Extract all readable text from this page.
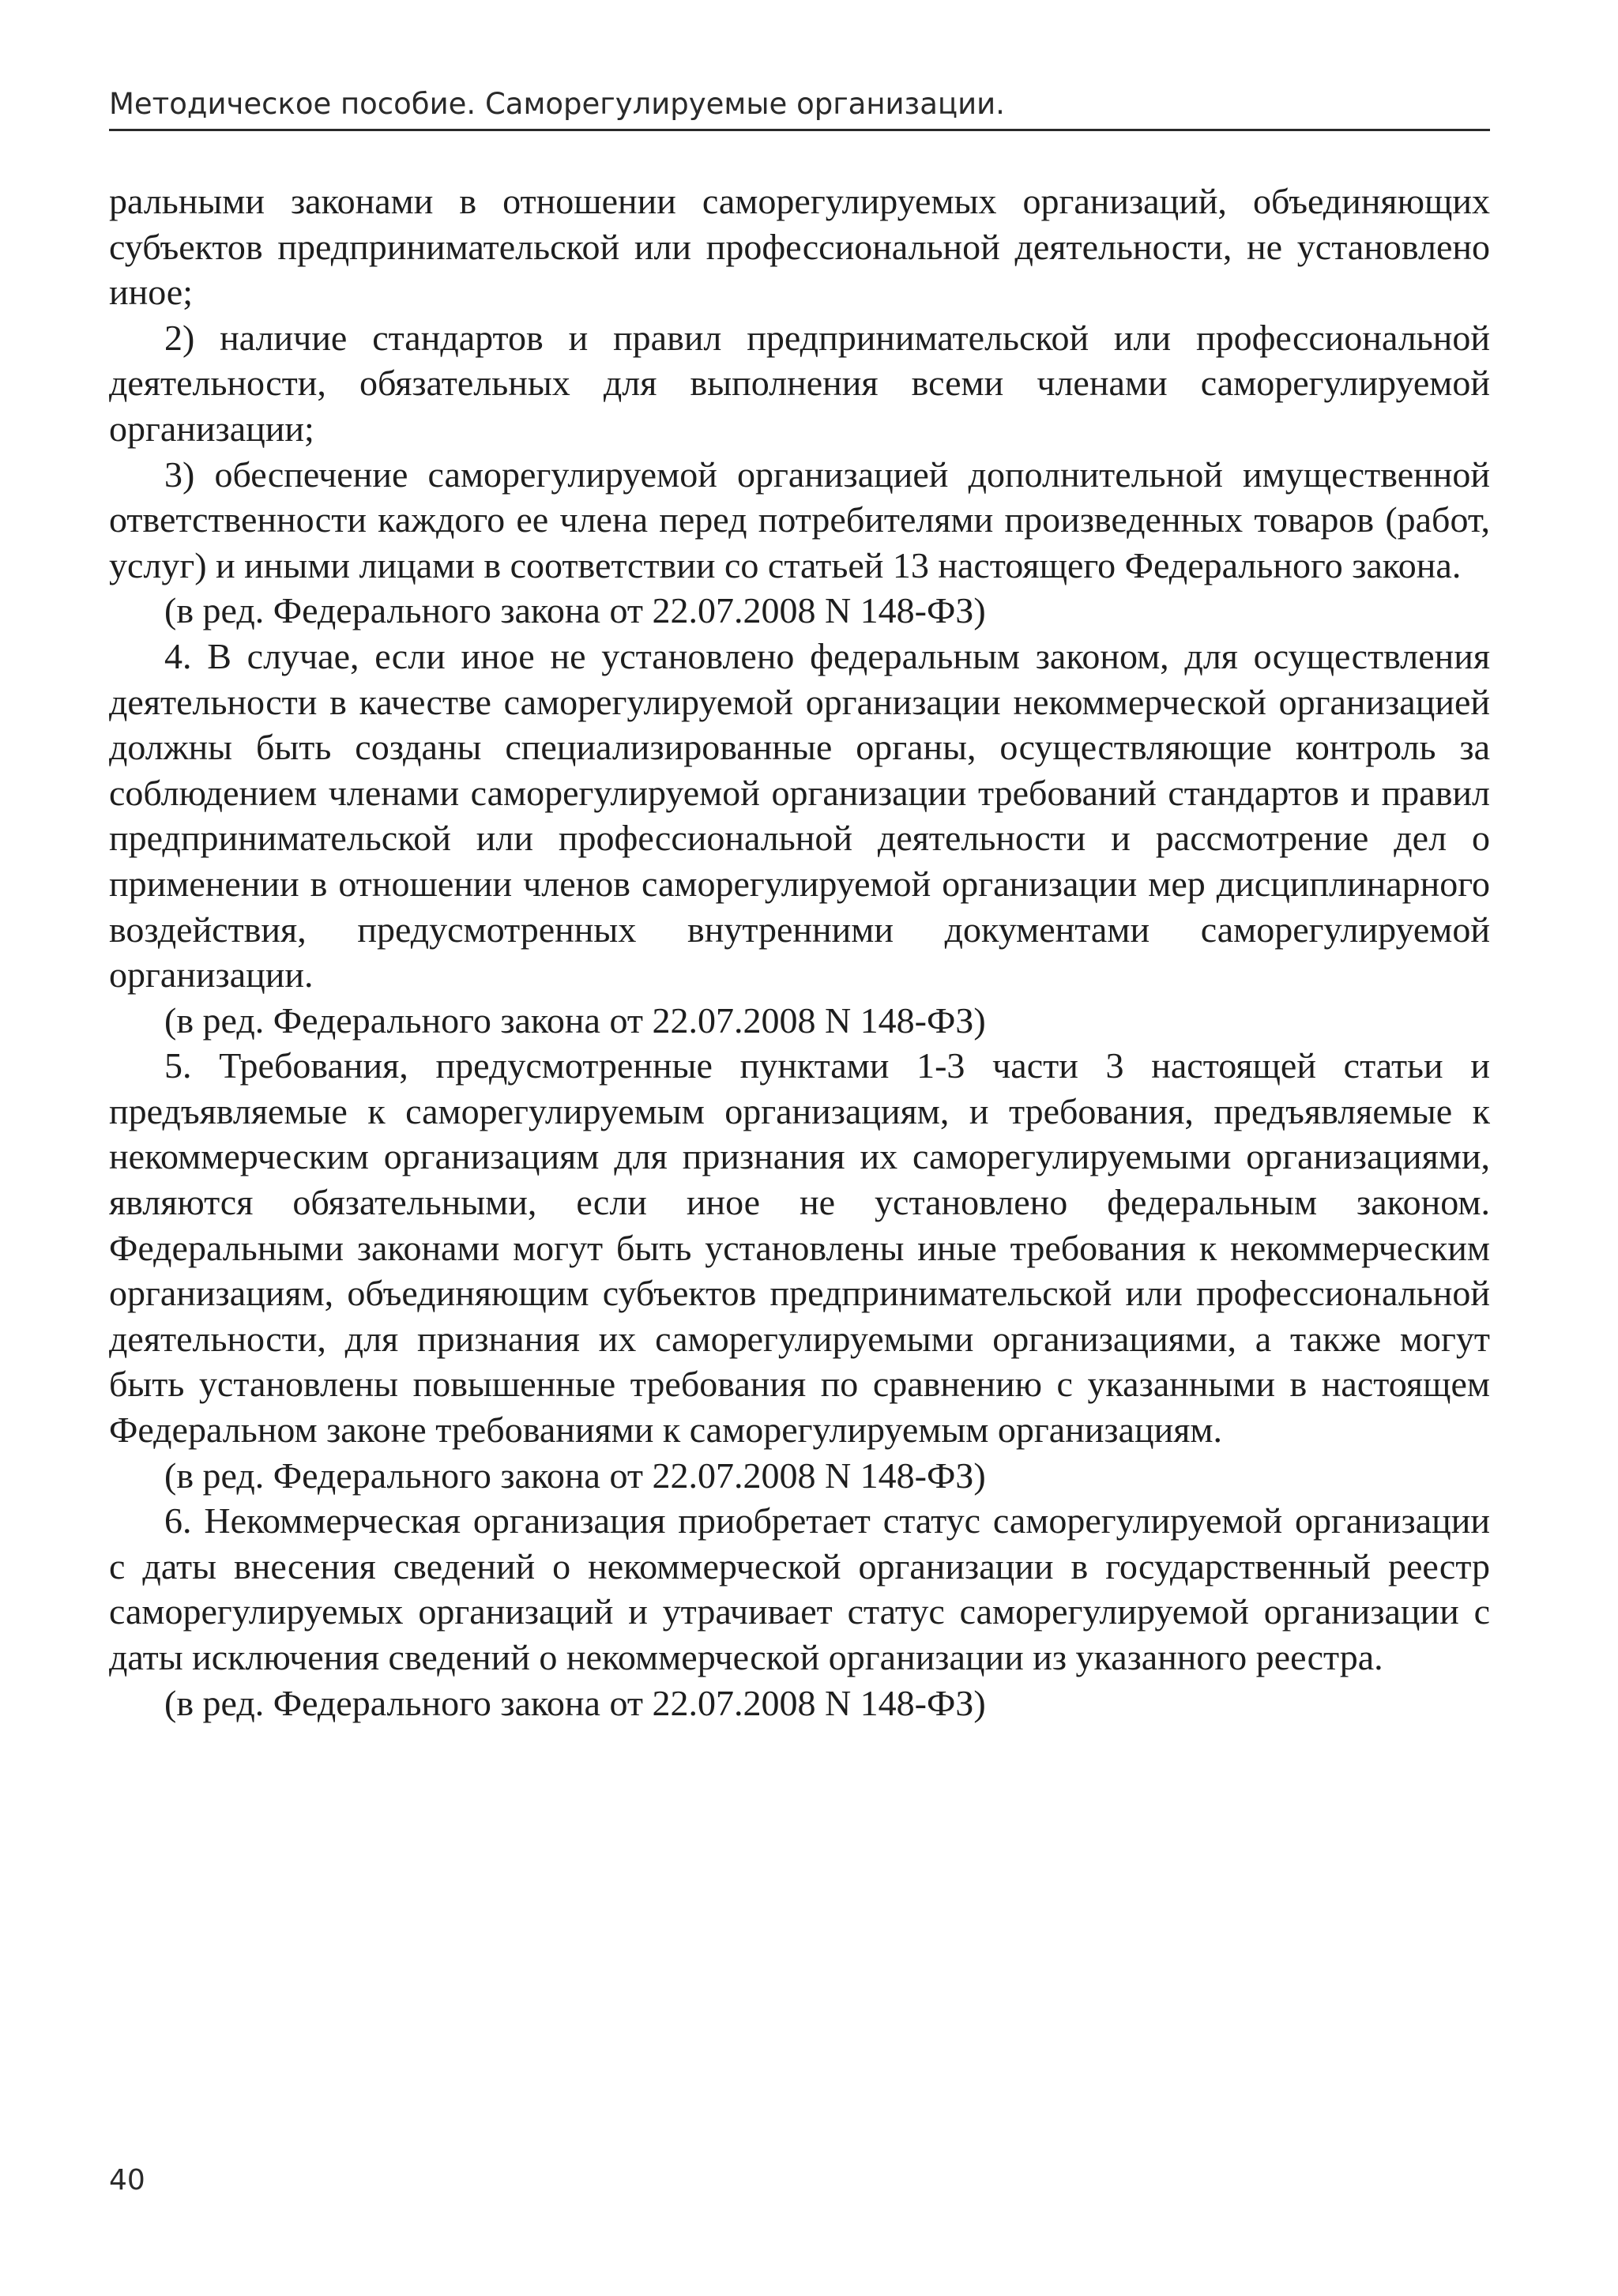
Методическое пособие. Саморегулируемые организации.

ральными законами в отношении саморегулируемых организаций, объединяющих субъектов предпринимательской или профессиональной деятельности, не установлено иное;

2) наличие стандартов и правил предпринимательской или профессиональной деятельности, обязательных для выполнения всеми членами саморегулируемой организации;

3) обеспечение саморегулируемой организацией дополнительной имущественной ответственности каждого ее члена перед потребителями произведенных товаров (работ, услуг) и иными лицами в соответствии со статьей 13 настоящего Федерального закона.

(в ред. Федерального закона от 22.07.2008 N 148-ФЗ)

4. В случае, если иное не установлено федеральным законом, для осуществления деятельности в качестве саморегулируемой организации некоммерческой организацией должны быть созданы специализированные органы, осуществляющие контроль за соблюдением членами саморегулируемой организации требований стандартов и правил предпринимательской или профессиональной деятельности и рассмотрение дел о применении в отношении членов саморегулируемой организации мер дисциплинарного воздействия, предусмотренных внутренними документами саморегулируемой организации.

(в ред. Федерального закона от 22.07.2008 N 148-ФЗ)

5. Требования, предусмотренные пунктами 1-3 части 3 настоящей статьи и предъявляемые к саморегулируемым организациям, и требования, предъявляемые к некоммерческим организациям для признания их саморегулируемыми организациями, являются обязательными, если иное не установлено федеральным законом. Федеральными законами могут быть установлены иные требования к некоммерческим организациям, объединяющим субъектов предпринимательской или профессиональной деятельности, для признания их саморегулируемыми организациями, а также могут быть установлены повышенные требования по сравнению с указанными в настоящем Федеральном законе требованиями к саморегулируемым организациям.

(в ред. Федерального закона от 22.07.2008 N 148-ФЗ)

6. Некоммерческая организация приобретает статус саморегулируемой организации с даты внесения сведений о некоммерческой организации в государственный реестр саморегулируемых организаций и утрачивает статус саморегулируемой организации с даты исключения сведений о некоммерческой организации из указанного реестра.

(в ред. Федерального закона от 22.07.2008 N 148-ФЗ)

40
